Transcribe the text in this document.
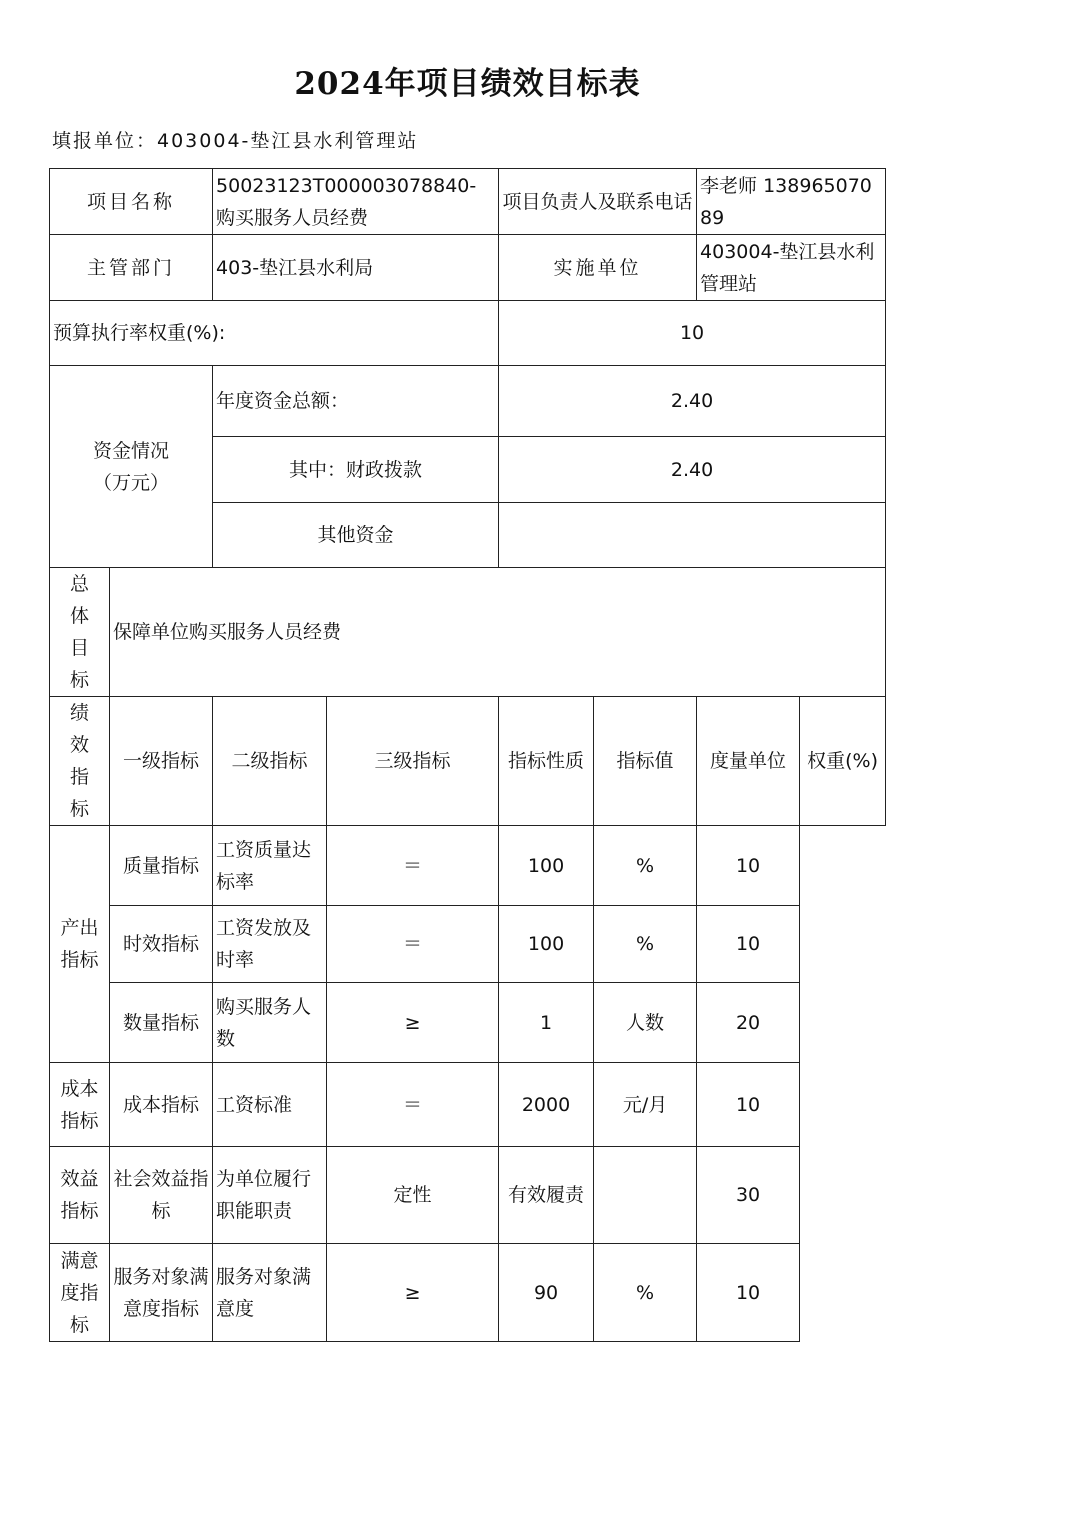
2024年项目绩效目标表
填报单位：403004-垫江县水利管理站
项目名称		50023123T000003078840-购买服务人员经费		项目负责人及联系电话		李老师 13896507089	
主管部门		403-垫江县水利局		实施单位		403004-垫江县水利管理站	
预算执行率权重(%):				10			

资金情况
（万元）		年度资金总额：		2.40			
		其中：财政拨款		2.40			
		其他资金					

总
体
目
标	保障单位购买服务人员经费						

绩
效
指
标	一级指标	二级指标	三级指标	指标性质	指标值	度量单位	权重(%)
产出指标	质量指标	工资质量达标率	＝	100	%	10	
	时效指标	工资发放及时率	＝	100	%	10	
	数量指标	购买服务人数	≥	1	人数	20	
成本指标	成本指标	工资标准	＝	2000	元/月	10	
效益指标	社会效益指标	为单位履行职能职责	定性	有效履责		30	
满意度指标	服务对象满意度指标	服务对象满意度	≥	90	%	10	
